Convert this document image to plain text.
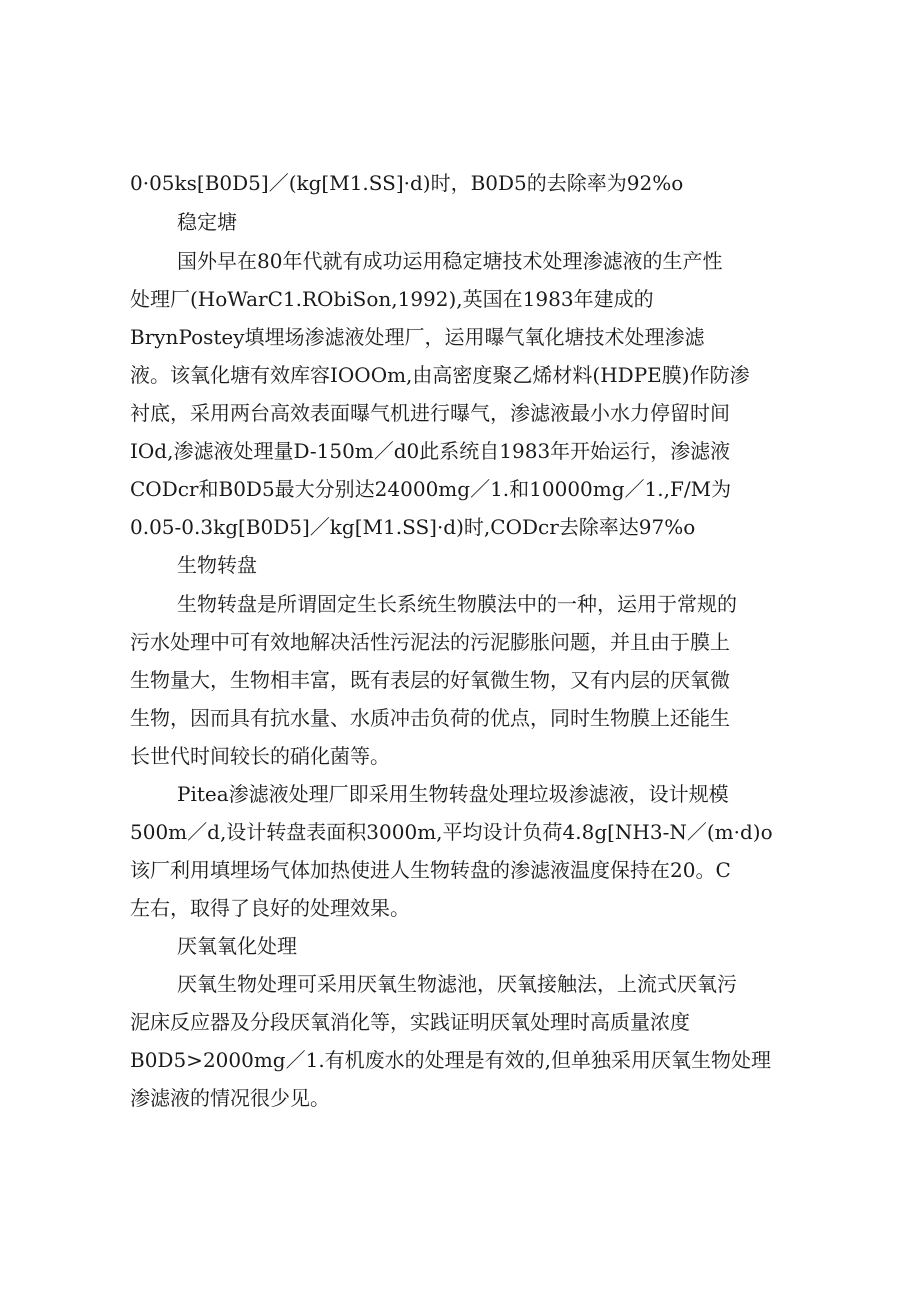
0·05ks[B0D5]／(kg[M1.SS]·d)时，B0D5的去除率为92%o

稳定塘

国外早在80年代就有成功运用稳定塘技术处理渗滤液的生产性

处理厂(HoWarC1.RObiSon,1992),英国在1983年建成的

BrynPostey填埋场渗滤液处理厂，运用曝气氧化塘技术处理渗滤

液。该氧化塘有效库容IOOOm,由高密度聚乙烯材料(HDPE膜)作防渗

衬底，采用两台高效表面曝气机进行曝气，渗滤液最小水力停留时间

IOd,渗滤液处理量D-150m／d0此系统自1983年开始运行，渗滤液

CODcr和B0D5最大分别达24000mg／1.和10000mg／1.,F/M为

0.05-0.3kg[B0D5]／kg[M1.SS]·d)时,CODcr去除率达97%o

生物转盘

生物转盘是所谓固定生长系统生物膜法中的一种，运用于常规的

污水处理中可有效地解决活性污泥法的污泥膨胀问题，并且由于膜上

生物量大，生物相丰富，既有表层的好氧微生物，又有内层的厌氧微

生物，因而具有抗水量、水质冲击负荷的优点，同时生物膜上还能生

长世代时间较长的硝化菌等。

Pitea渗滤液处理厂即采用生物转盘处理垃圾渗滤液，设计规模

500m／d,设计转盘表面积3000m,平均设计负荷4.8g[NH3-N／(m·d)o

该厂利用填埋场气体加热使进人生物转盘的渗滤液温度保持在20。C

左右，取得了良好的处理效果。

厌氧氧化处理

厌氧生物处理可采用厌氧生物滤池，厌氧接触法，上流式厌氧污

泥床反应器及分段厌氧消化等，实践证明厌氧处理时高质量浓度

B0D5>2000mg／1.有机废水的处理是有效的,但单独采用厌氧生物处理

渗滤液的情况很少见。
